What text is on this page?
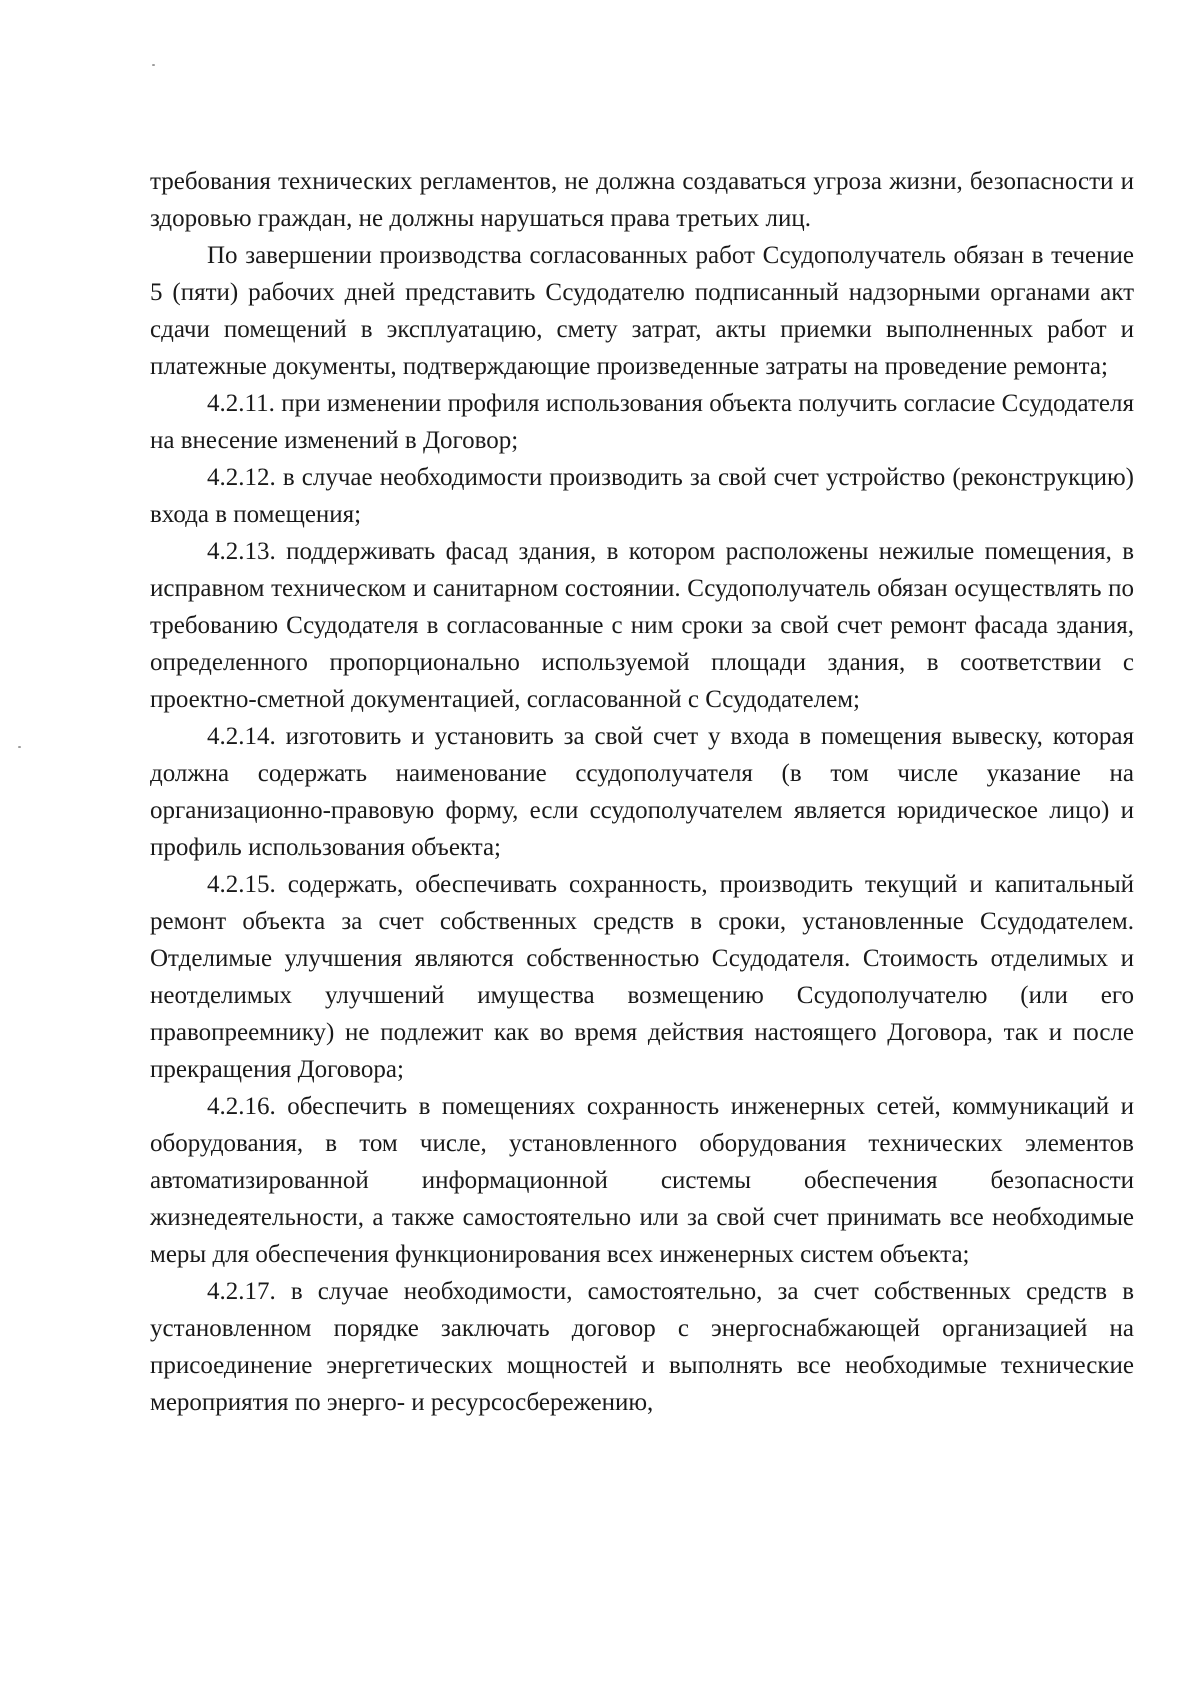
требования технических регламентов, не должна создаваться угроза жизни, безопасности и здоровью граждан, не должны нарушаться права третьих лиц.

По завершении производства согласованных работ Ссудополучатель обязан в течение 5 (пяти) рабочих дней представить Ссудодателю подписанный надзорными органами акт сдачи помещений в эксплуатацию, смету затрат, акты приемки выполненных работ и платежные документы, подтверждающие произведенные затраты на проведение ремонта;

4.2.11. при изменении профиля использования объекта получить согласие Ссудодателя на внесение изменений в Договор;

4.2.12. в случае необходимости производить за свой счет устройство (реконструкцию) входа в помещения;

4.2.13. поддерживать фасад здания, в котором расположены нежилые помещения, в исправном техническом и санитарном состоянии. Ссудополучатель обязан осуществлять по требованию Ссудодателя в согласованные с ним сроки за свой счет ремонт фасада здания, определенного пропорционально используемой площади здания, в соответствии с проектно-сметной документацией, согласованной с Ссудодателем;

4.2.14. изготовить и установить за свой счет у входа в помещения вывеску, которая должна содержать наименование ссудополучателя (в том числе указание на организационно-правовую форму, если ссудополучателем является юридическое лицо) и профиль использования объекта;

4.2.15. содержать, обеспечивать сохранность, производить текущий и капитальный ремонт объекта за счет собственных средств в сроки, установленные Ссудодателем. Отделимые улучшения являются собственностью Ссудодателя. Стоимость отделимых и неотделимых улучшений имущества возмещению Ссудополучателю (или его правопреемнику) не подлежит как во время действия настоящего Договора, так и после прекращения Договора;

4.2.16. обеспечить в помещениях сохранность инженерных сетей, коммуникаций и оборудования, в том числе, установленного оборудования технических элементов автоматизированной информационной системы обеспечения безопасности жизнедеятельности, а также самостоятельно или за свой счет принимать все необходимые меры для обеспечения функционирования всех инженерных систем объекта;

4.2.17. в случае необходимости, самостоятельно, за счет собственных средств в установленном порядке заключать договор с энергоснабжающей организацией на присоединение энергетических мощностей и выполнять все необходимые технические мероприятия по энерго- и ресурсосбережению,
